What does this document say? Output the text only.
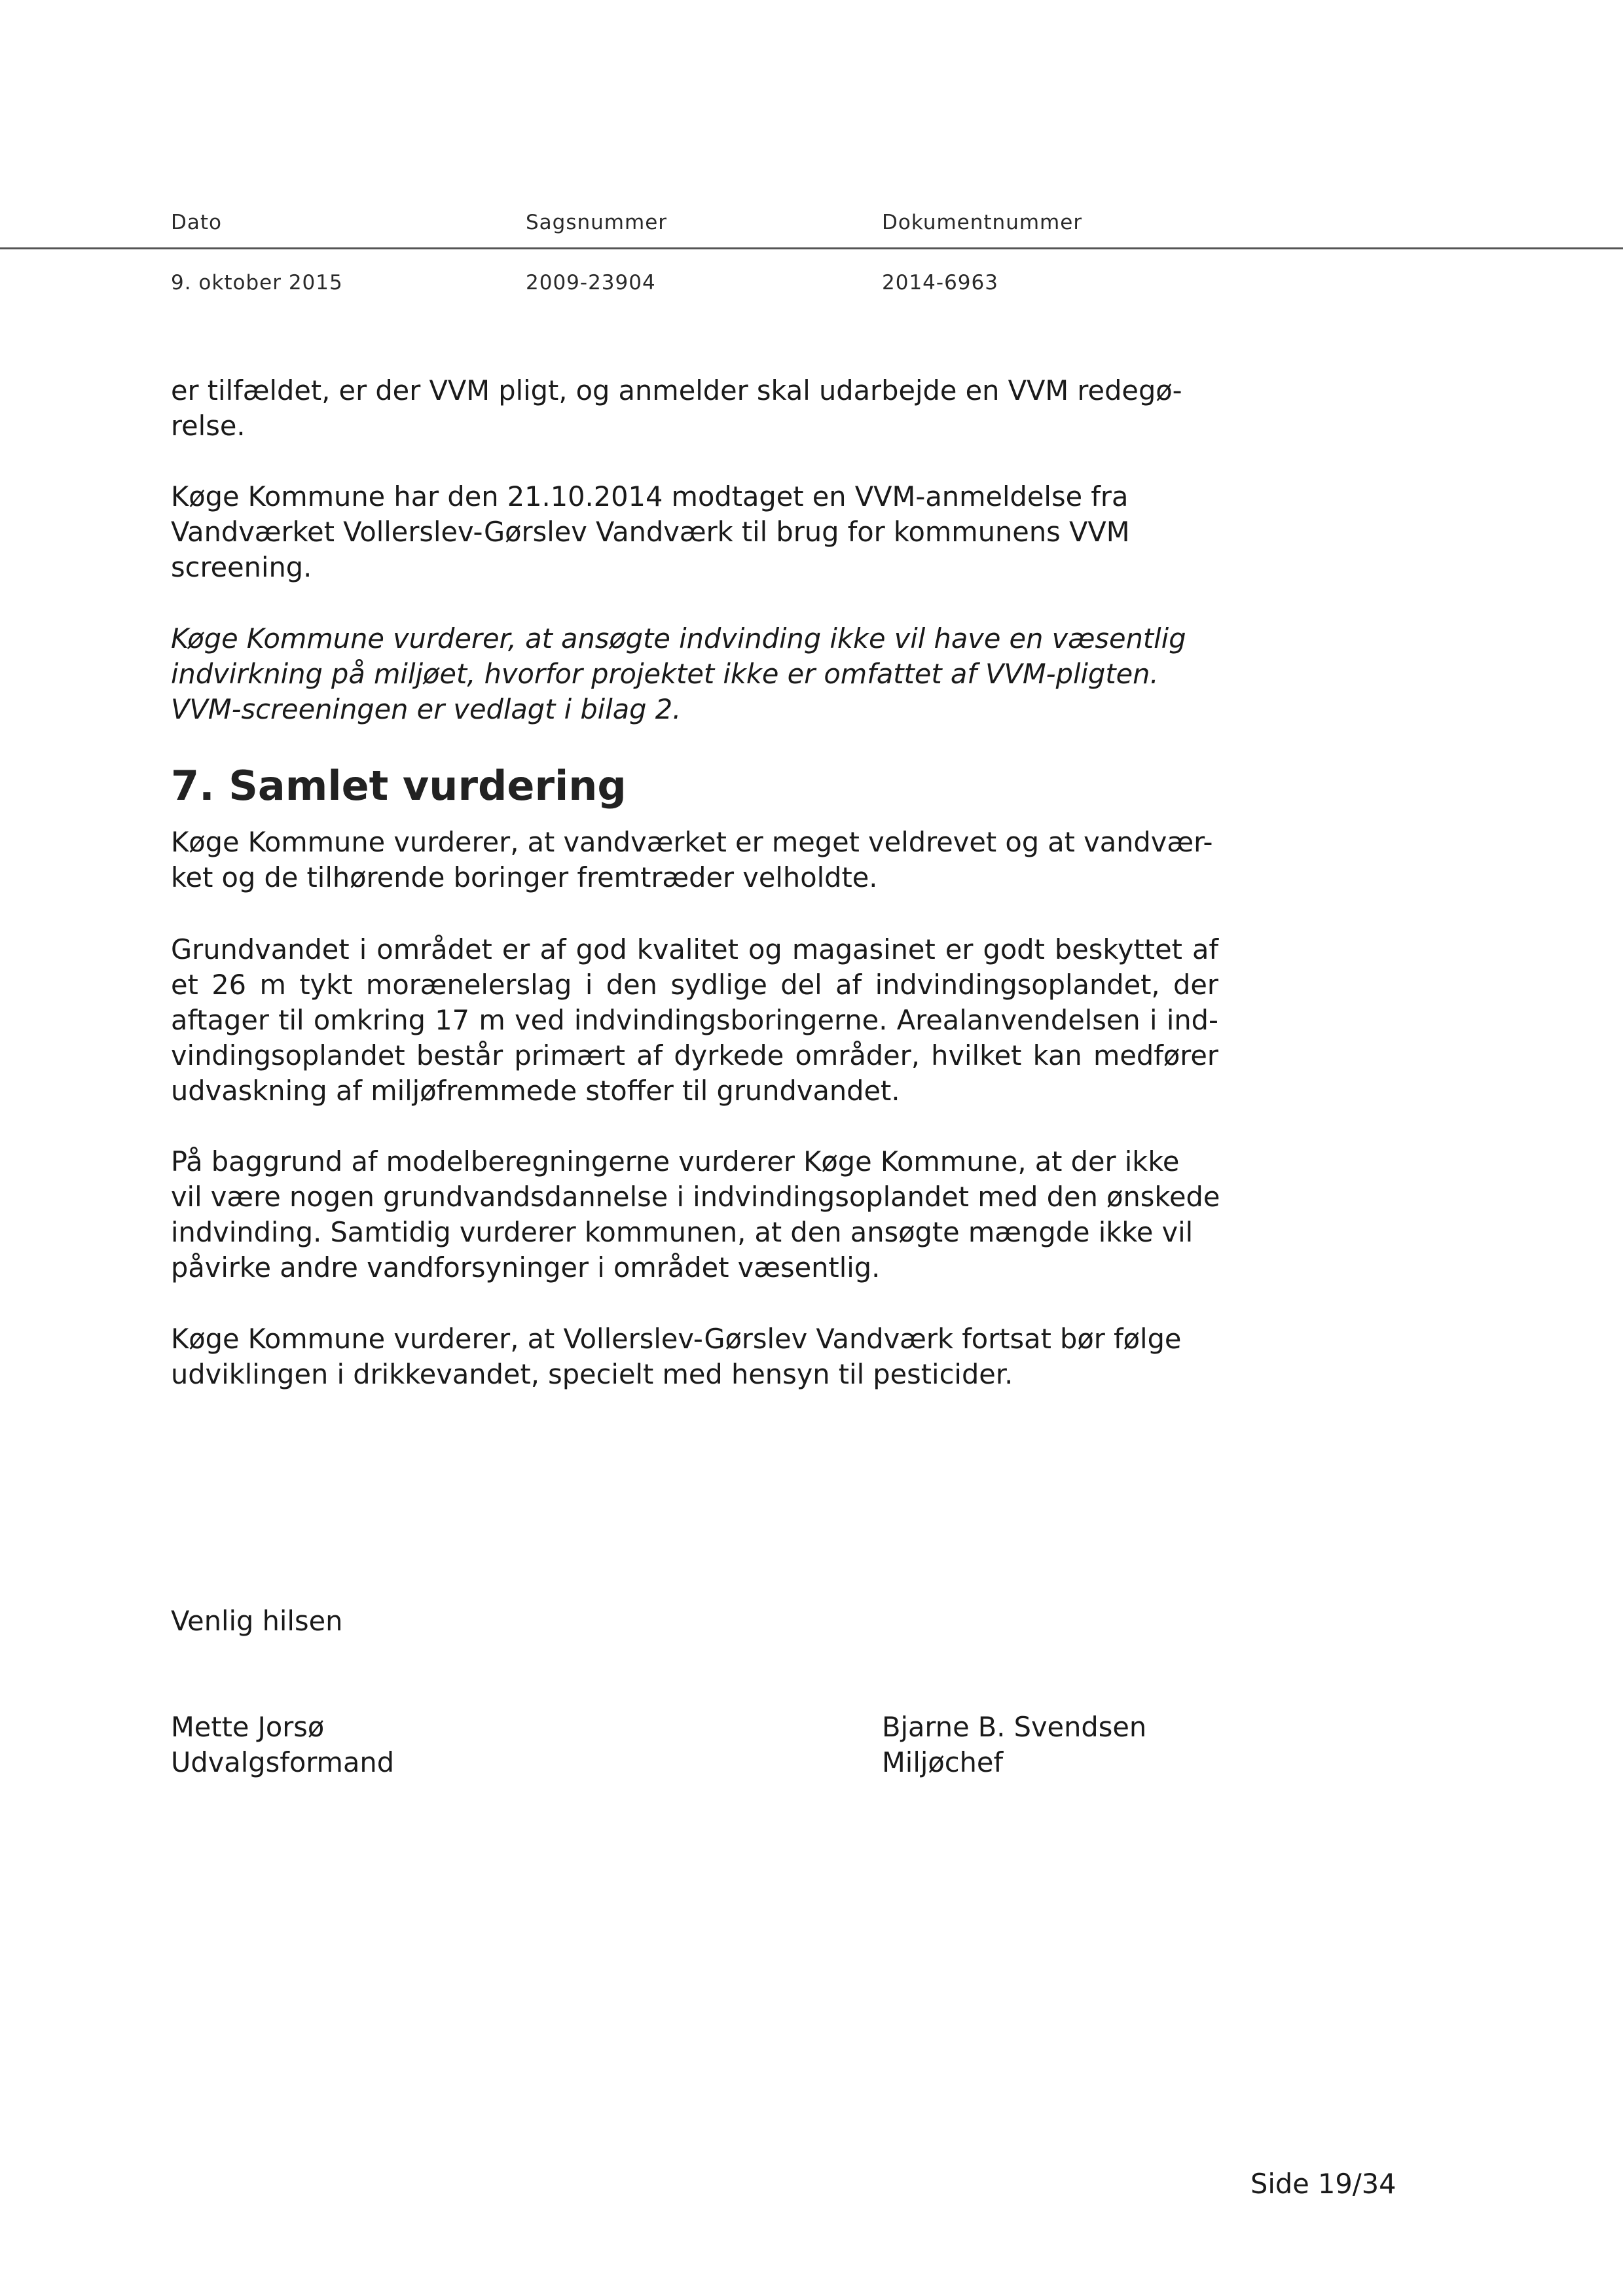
Dato	Sagsnummer	Dokumentnummer
9. oktober 2015	2009-23904	2014-6963

er tilfældet, er der VVM pligt, og anmelder skal udarbejde en VVM redegø-
relse.

Køge Kommune har den 21.10.2014 modtaget en VVM-anmeldelse fra
Vandværket Vollerslev-Gørslev Vandværk til brug for kommunens VVM
screening.

Køge Kommune vurderer, at ansøgte indvinding ikke vil have en væsentlig
indvirkning på miljøet, hvorfor projektet ikke er omfattet af VVM-pligten.
VVM-screeningen er vedlagt i bilag 2.

7. Samlet vurdering

Køge Kommune vurderer, at vandværket er meget veldrevet og at vandvær-
ket og de tilhørende boringer fremtræder velholdte.

Grundvandet i området er af god kvalitet og magasinet er godt beskyttet af
et 26 m tykt morænelerslag i den sydlige del af indvindingsoplandet, der
aftager til omkring 17 m ved indvindingsboringerne. Arealanvendelsen i ind-
vindingsoplandet består primært af dyrkede områder, hvilket kan medfører
udvaskning af miljøfremmede stoffer til grundvandet.

På baggrund af modelberegningerne vurderer Køge Kommune, at der ikke
vil være nogen grundvandsdannelse i indvindingsoplandet med den ønskede
indvinding. Samtidig vurderer kommunen, at den ansøgte mængde ikke vil
påvirke andre vandforsyninger i området væsentlig.

Køge Kommune vurderer, at Vollerslev-Gørslev Vandværk fortsat bør følge
udviklingen i drikkevandet, specielt med hensyn til pesticider.

Venlig hilsen
Mette Jorsø
Udvalgsformand
Bjarne B. Svendsen
Miljøchef
Side 19/34
